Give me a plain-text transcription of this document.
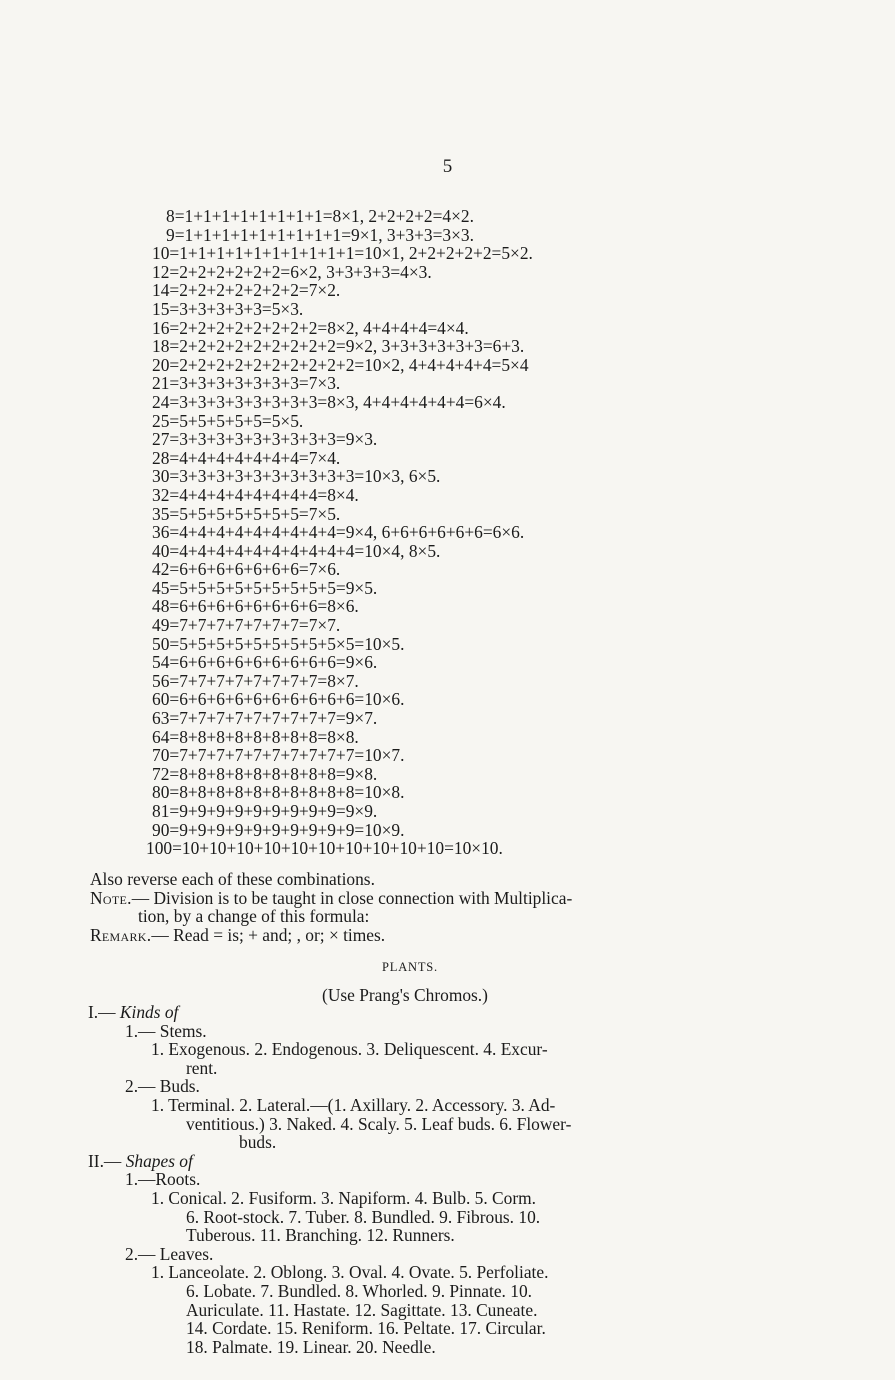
5
8=1+1+1+1+1+1+1+1=8×1, 2+2+2+2=4×2.
9=1+1+1+1+1+1+1+1+1=9×1, 3+3+3=3×3.
10=1+1+1+1+1+1+1+1+1+1=10×1, 2+2+2+2+2=5×2.
12=2+2+2+2+2+2=6×2, 3+3+3+3=4×3.
14=2+2+2+2+2+2+2=7×2.
15=3+3+3+3+3=5×3.
16=2+2+2+2+2+2+2+2=8×2, 4+4+4+4=4×4.
18=2+2+2+2+2+2+2+2+2=9×2, 3+3+3+3+3+3=6+3.
20=2+2+2+2+2+2+2+2+2+2=10×2, 4+4+4+4+4=5×4
21=3+3+3+3+3+3+3=7×3.
24=3+3+3+3+3+3+3+3=8×3, 4+4+4+4+4+4=6×4.
25=5+5+5+5+5=5×5.
27=3+3+3+3+3+3+3+3+3=9×3.
28=4+4+4+4+4+4+4=7×4.
30=3+3+3+3+3+3+3+3+3+3=10×3, 6×5.
32=4+4+4+4+4+4+4+4=8×4.
35=5+5+5+5+5+5+5=7×5.
36=4+4+4+4+4+4+4+4+4=9×4, 6+6+6+6+6+6=6×6.
40=4+4+4+4+4+4+4+4+4+4=10×4, 8×5.
42=6+6+6+6+6+6+6=7×6.
45=5+5+5+5+5+5+5+5+5=9×5.
48=6+6+6+6+6+6+6+6=8×6.
49=7+7+7+7+7+7+7=7×7.
50=5+5+5+5+5+5+5+5+5×5=10×5.
54=6+6+6+6+6+6+6+6+6=9×6.
56=7+7+7+7+7+7+7+7=8×7.
60=6+6+6+6+6+6+6+6+6+6=10×6.
63=7+7+7+7+7+7+7+7+7=9×7.
64=8+8+8+8+8+8+8+8=8×8.
70=7+7+7+7+7+7+7+7+7+7=10×7.
72=8+8+8+8+8+8+8+8+8=9×8.
80=8+8+8+8+8+8+8+8+8+8=10×8.
81=9+9+9+9+9+9+9+9+9=9×9.
90=9+9+9+9+9+9+9+9+9+9=10×9.
100=10+10+10+10+10+10+10+10+10+10=10×10.
Also reverse each of these combinations.
Note.— Division is to be taught in close connection with Multiplica-
tion, by a change of this formula:
Remark.— Read = is; + and; , or; × times.
PLANTS.
(Use Prang's Chromos.)
I.— Kinds of
1.— Stems.
1. Exogenous. 2. Endogenous. 3. Deliquescent. 4. Excur-
rent.
2.— Buds.
1. Terminal. 2. Lateral.—(1. Axillary. 2. Accessory. 3. Ad-
ventitious.) 3. Naked. 4. Scaly. 5. Leaf buds. 6. Flower-
buds.
II.— Shapes of
1.—Roots.
1. Conical. 2. Fusiform. 3. Napiform. 4. Bulb. 5. Corm.
6. Root-stock. 7. Tuber. 8. Bundled. 9. Fibrous. 10.
Tuberous. 11. Branching. 12. Runners.
2.— Leaves.
1. Lanceolate. 2. Oblong. 3. Oval. 4. Ovate. 5. Perfoliate.
6. Lobate. 7. Bundled. 8. Whorled. 9. Pinnate. 10.
Auriculate. 11. Hastate. 12. Sagittate. 13. Cuneate.
14. Cordate. 15. Reniform. 16. Peltate. 17. Circular.
18. Palmate. 19. Linear. 20. Needle.
